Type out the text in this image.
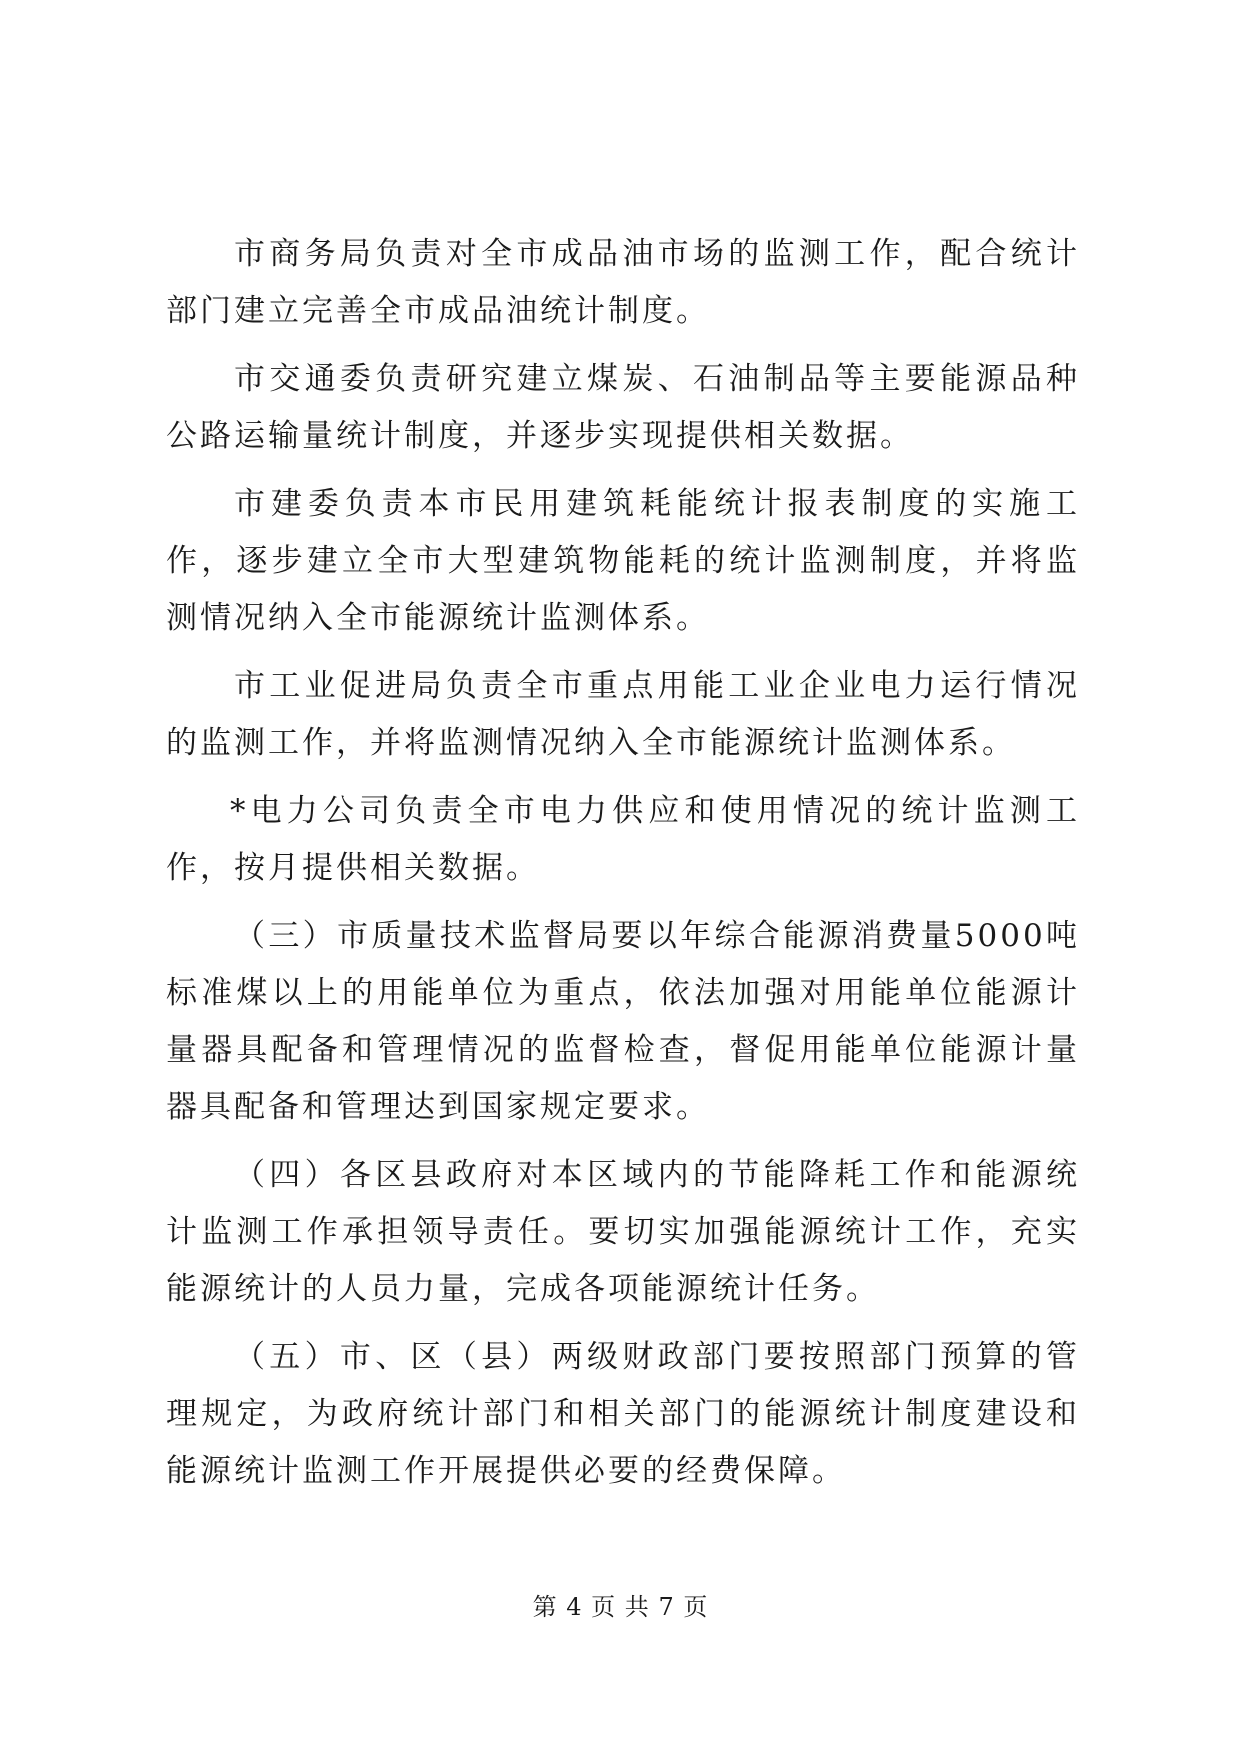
市商务局负责对全市成品油市场的监测工作，配合统计部门建立完善全市成品油统计制度。

市交通委负责研究建立煤炭、石油制品等主要能源品种公路运输量统计制度，并逐步实现提供相关数据。

市建委负责本市民用建筑耗能统计报表制度的实施工作，逐步建立全市大型建筑物能耗的统计监测制度，并将监测情况纳入全市能源统计监测体系。

市工业促进局负责全市重点用能工业企业电力运行情况的监测工作，并将监测情况纳入全市能源统计监测体系。

*电力公司负责全市电力供应和使用情况的统计监测工作，按月提供相关数据。

（三）市质量技术监督局要以年综合能源消费量5000吨标准煤以上的用能单位为重点，依法加强对用能单位能源计量器具配备和管理情况的监督检查，督促用能单位能源计量器具配备和管理达到国家规定要求。

（四）各区县政府对本区域内的节能降耗工作和能源统计监测工作承担领导责任。要切实加强能源统计工作，充实能源统计的人员力量，完成各项能源统计任务。

（五）市、区（县）两级财政部门要按照部门预算的管理规定，为政府统计部门和相关部门的能源统计制度建设和能源统计监测工作开展提供必要的经费保障。

第 4 页 共 7 页
